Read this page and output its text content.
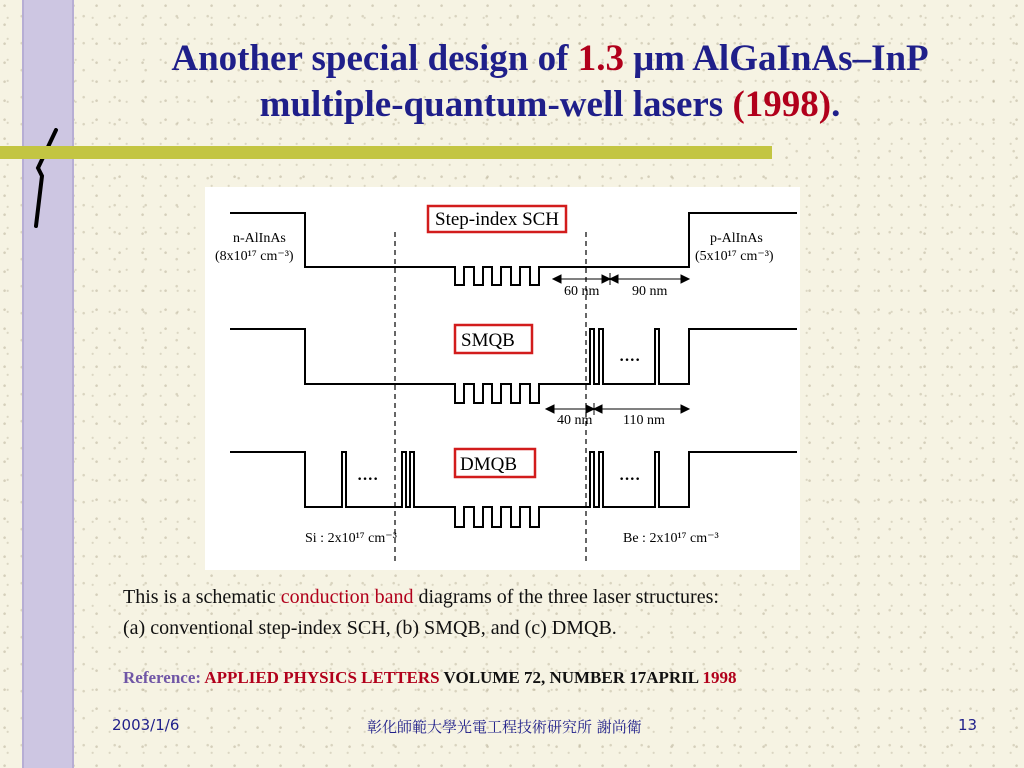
Another special design of 1.3 μm AlGaInAs–InP
multiple-quantum-well lasers (1998).
Step-index SCH
SMQB
DMQB
n-AlInAs
(8x10¹⁷ cm⁻³)
p-AlInAs
(5x10¹⁷ cm⁻³)
60 nm 90 nm
40 nm 110 nm
Si : 2x10¹⁷ cm⁻³	Be : 2x10¹⁷ cm⁻³
····
····	····
This is a schematic conduction band diagrams of the three laser structures:
(a) conventional step-index SCH, (b) SMQB, and (c) DMQB.
Reference: APPLIED PHYSICS LETTERS VOLUME 72, NUMBER 17APRIL 1998
2003/1/6	彰化師範大學光電工程技術研究所 謝尚衛	13
